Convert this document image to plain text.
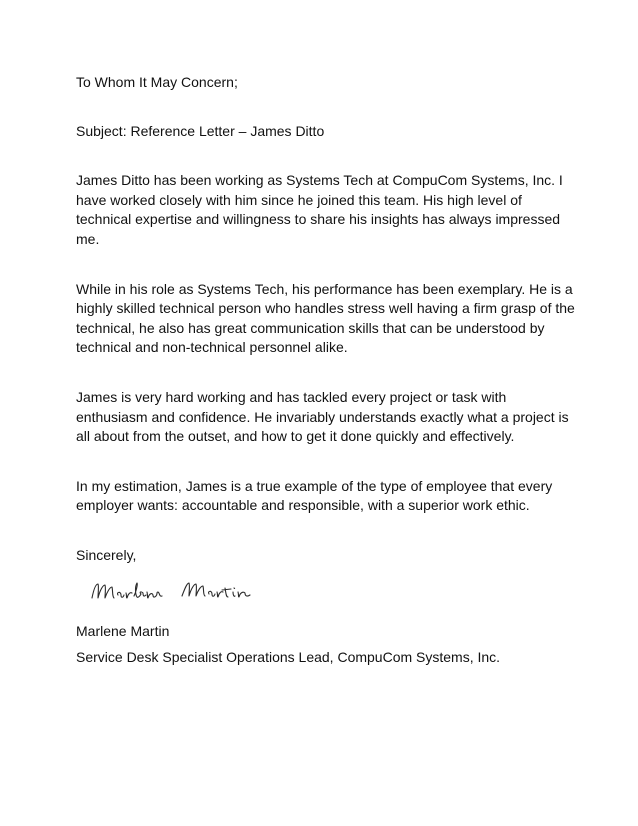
To Whom It May Concern;

Subject: Reference Letter – James Ditto

James Ditto has been working as Systems Tech at CompuCom Systems, Inc. I have worked closely with him since he joined this team. His high level of technical expertise and willingness to share his insights has always impressed me.

While in his role as Systems Tech, his performance has been exemplary. He is a highly skilled technical person who handles stress well having a firm grasp of the technical, he also has great communication skills that can be understood by technical and non-technical personnel alike.

James is very hard working and has tackled every project or task with enthusiasm and confidence. He invariably understands exactly what a project is all about from the outset, and how to get it done quickly and effectively.

In my estimation, James is a true example of the type of employee that every employer wants: accountable and responsible, with a superior work ethic.

Sincerely,

Marlene Martin

Service Desk Specialist Operations Lead, CompuCom Systems, Inc.
